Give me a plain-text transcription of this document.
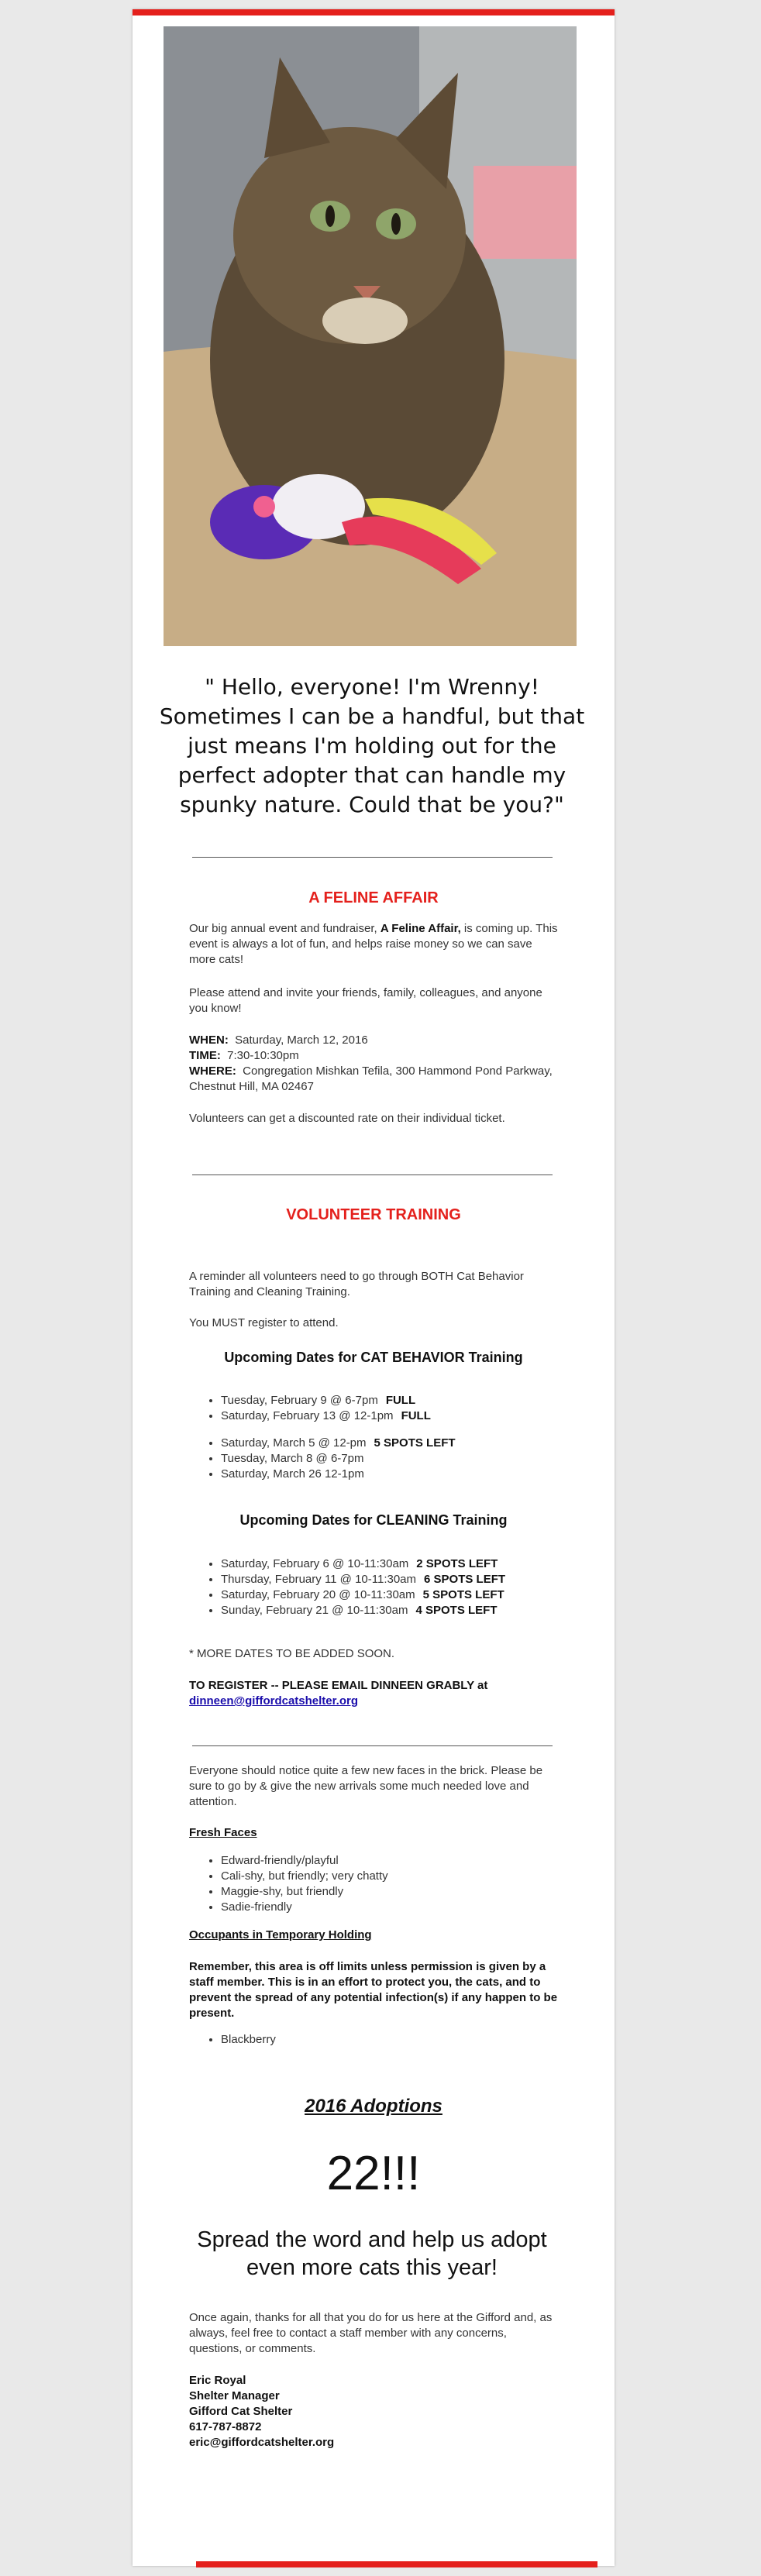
" Hello, everyone! I'm Wrenny! Sometimes I can be a handful, but that just means I'm holding out for the perfect adopter that can handle my spunky nature. Could that be you?"
A FELINE AFFAIR
Our big annual event and fundraiser, A Feline Affair, is coming up. This event is always a lot of fun, and helps raise money so we can save more cats!
Please attend and invite your friends, family, colleagues, and anyone you know!
WHEN: Saturday, March 12, 2016
TIME: 7:30-10:30pm
WHERE: Congregation Mishkan Tefila, 300 Hammond Pond Parkway, Chestnut Hill, MA 02467
Volunteers can get a discounted rate on their individual ticket.
VOLUNTEER TRAINING
A reminder all volunteers need to go through BOTH Cat Behavior Training and Cleaning Training.
You MUST register to attend.
Upcoming Dates for CAT BEHAVIOR Training
• Tuesday, February 9 @ 6-7pm FULL
• Saturday, February 13 @ 12-1pm FULL
• Saturday, March 5 @ 12-pm 5 SPOTS LEFT
• Tuesday, March 8 @ 6-7pm
• Saturday, March 26 12-1pm
Upcoming Dates for CLEANING Training
• Saturday, February 6 @ 10-11:30am 2 SPOTS LEFT
• Thursday, February 11 @ 10-11:30am 6 SPOTS LEFT
• Saturday, February 20 @ 10-11:30am 5 SPOTS LEFT
• Sunday, February 21 @ 10-11:30am 4 SPOTS LEFT
* MORE DATES TO BE ADDED SOON.
TO REGISTER -- PLEASE EMAIL DINNEEN GRABLY at
dinneen@giffordcatshelter.org
Everyone should notice quite a few new faces in the brick. Please be sure to go by & give the new arrivals some much needed love and attention.
Fresh Faces
• Edward-friendly/playful
• Cali-shy, but friendly; very chatty
• Maggie-shy, but friendly
• Sadie-friendly
Occupants in Temporary Holding
Remember, this area is off limits unless permission is given by a staff member. This is in an effort to protect you, the cats, and to prevent the spread of any potential infection(s) if any happen to be present.
• Blackberry
2016 Adoptions
22!!!
Spread the word and help us adopt even more cats this year!
Once again, thanks for all that you do for us here at the Gifford and, as always, feel free to contact a staff member with any concerns, questions, or comments.
Eric Royal
Shelter Manager
Gifford Cat Shelter
617-787-8872
eric@giffordcatshelter.org
